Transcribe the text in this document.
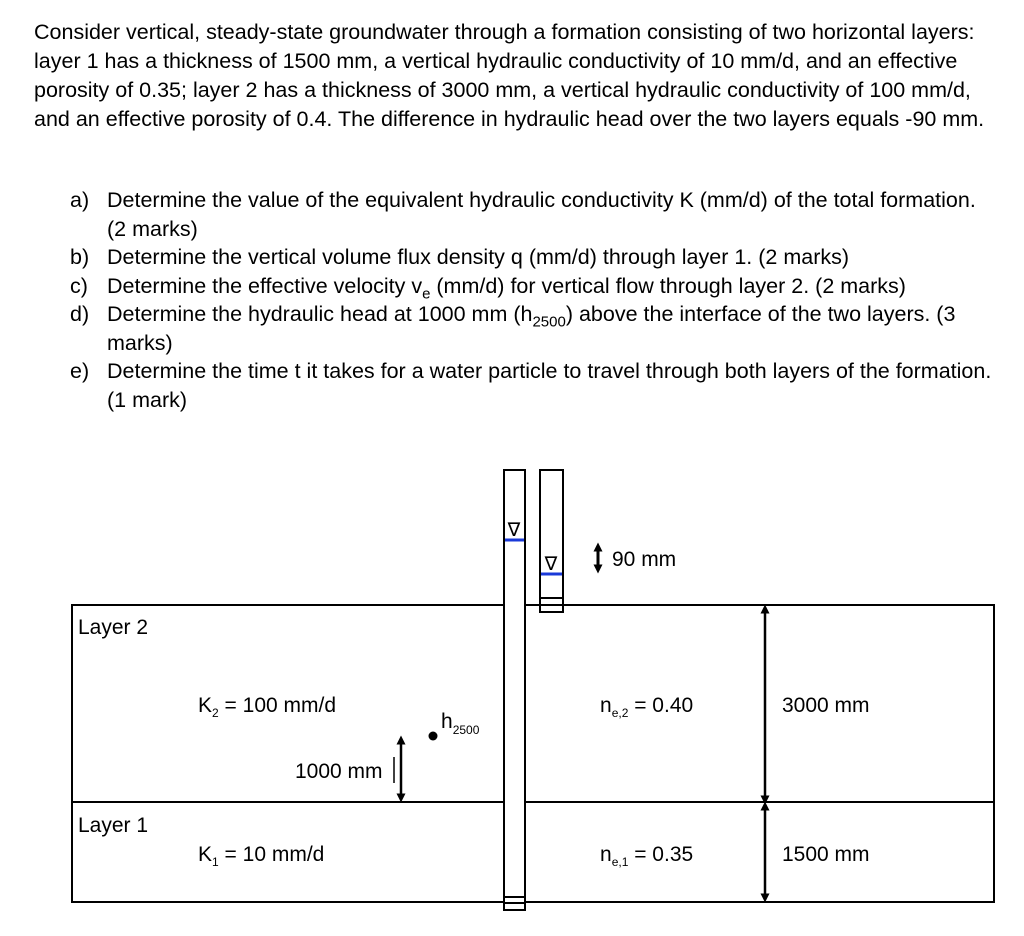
Consider vertical, steady-state groundwater through a formation consisting of two horizontal layers: layer 1 has a thickness of 1500 mm, a vertical hydraulic conductivity of 10 mm/d, and an effective porosity of 0.35; layer 2 has a thickness of 3000 mm, a vertical hydraulic conductivity of 100 mm/d, and an effective porosity of 0.4. The difference in hydraulic head over the two layers equals -90 mm.

a) Determine the value of the equivalent hydraulic conductivity K (mm/d) of the total formation. (2 marks)
b) Determine the vertical volume flux density q (mm/d) through layer 1. (2 marks)
c) Determine the effective velocity $v_e$ (mm/d) for vertical flow through layer 2. (2 marks)
d) Determine the hydraulic head at 1000 mm $(h_{2500})$ above the interface of the two layers. (3 marks)
e) Determine the time t it takes for a water particle to travel through both layers of the formation. (1 mark)
∇
∇	90 mm
Layer 2
$K_2 = 100$ mm/d	$n_{e,2} = 0.40$	3000 mm
Layer 1
$K_1 = 10$ mm/d	$n_{e,1} = 0.35$	1500 mm
$h_{2500}$
1000 mm
